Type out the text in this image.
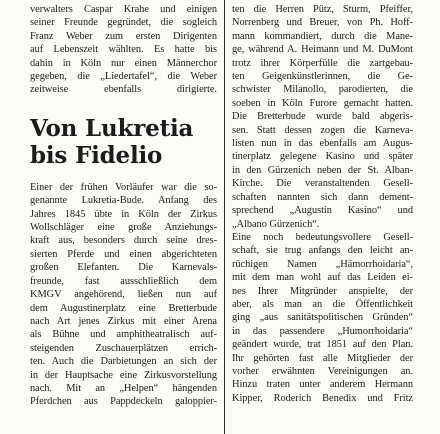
verwalters Caspar Krahe und einigen
seiner Freunde gegründet, die sogleich
Franz Weber zum ersten Dirigenten
auf Lebenszeit wählten. Es hatte bis
dahin in Köln nur einen Männerchor
gegeben, die „Liedertafel“, die Weber
zeitweise ebenfalls dirigierte.

Von Lukretia
bis Fidelio

Einer der frühen Vorläufer war die so-
genannte Lukretia-Bude. Anfang des
Jahres 1845 übte in Köln der Zirkus
Wollschläger eine große Anziehungs-
kraft aus, besonders durch seine dres-
sierten Pferde und einen abgerichteten
großen Elefanten. Die Karnevals-
freunde, fast ausschließlich dem
KMGV angehörend, ließen nun auf
dem Augustinerplatz eine Bretterbude
nach Art jenes Zirkus mit einer Arena
als Bühne und amphitheatralisch auf-
steigenden Zuschauerplätzen errich-
ten. Auch die Darbietungen an sich der
in der Hauptsache eine Zirkusvorstellung
nach. Mit an „Helpen“ hängenden
Pferdchen aus Pappdeckeln galoppier-

ten die Herren Pütz, Sturm, Pfeiffer,
Norrenberg und Breuer, von Ph. Hoff-
mann kommandiert, durch die Mane-
ge, während A. Heimann und M. DuMont
trotz ihrer Körperfülle die zartgebau-
ten Geigenkünstlerinnen, die Ge-
schwister Milanollo, parodierten, die
soeben in Köln Furore gemacht hatten.
Die Bretterbude wurde bald abgeris-
sen. Statt dessen zogen die Karneva-
listen nun in das ebenfalls am Augus-
tinerplatz gelegene Kasino und später
in den Gürzenich neben der St. Alban-
Kirche. Die veranstaltenden Gesell-
schaften nannten sich dann dement-
sprechend „Augustin Kasino“ und
„Albano Gürzenich“.

Eine noch bedeutungsvollere Gesell-
schaft, sie trug anfangs den leicht an-
rüchigen Namen „Hämorrhoidaria“,
mit dem man wohl auf das Leiden ei-
nes Ihrer Mitgründer anspielte, der
aber, als man an die Öffentlichkeit
ging „aus sanitätspolitischen Gründen“
in das passendere „Humorrhoidaria“
geändert wurde, trat 1851 auf den Plan.
Ihr gehörten fast alle Mitglieder der
vorher erwähnten Vereinigungen an.
Hinzu traten unter anderem Hermann
Kipper, Roderich Benedix und Fritz
